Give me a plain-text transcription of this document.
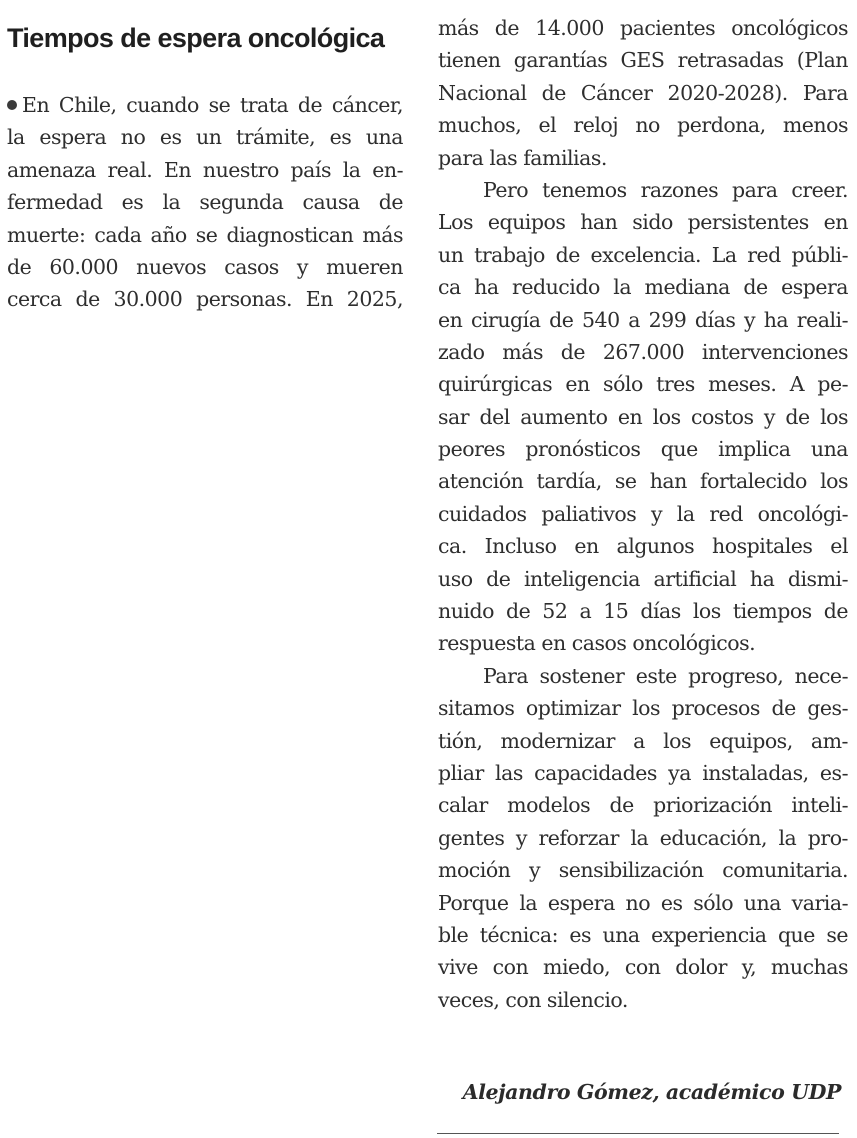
Tiempos de espera oncológica
En Chile, cuando se trata de cáncer,
la espera no es un trámite, es una
amenaza real. En nuestro país la en-
fermedad es la segunda causa de
muerte: cada año se diagnostican más
de 60.000 nuevos casos y mueren
cerca de 30.000 personas. En 2025,
más de 14.000 pacientes oncológicos
tienen garantías GES retrasadas (Plan
Nacional de Cáncer 2020-2028). Para
muchos, el reloj no perdona, menos
para las familias.
Pero tenemos razones para creer.
Los equipos han sido persistentes en
un trabajo de excelencia. La red públi-
ca ha reducido la mediana de espera
en cirugía de 540 a 299 días y ha reali-
zado más de 267.000 intervenciones
quirúrgicas en sólo tres meses. A pe-
sar del aumento en los costos y de los
peores pronósticos que implica una
atención tardía, se han fortalecido los
cuidados paliativos y la red oncológi-
ca. Incluso en algunos hospitales el
uso de inteligencia artificial ha dismi-
nuido de 52 a 15 días los tiempos de
respuesta en casos oncológicos.
Para sostener este progreso, nece-
sitamos optimizar los procesos de ges-
tión, modernizar a los equipos, am-
pliar las capacidades ya instaladas, es-
calar modelos de priorización inteli-
gentes y reforzar la educación, la pro-
moción y sensibilización comunitaria.
Porque la espera no es sólo una varia-
ble técnica: es una experiencia que se
vive con miedo, con dolor y, muchas
veces, con silencio.

Alejandro Gómez, académico UDP
